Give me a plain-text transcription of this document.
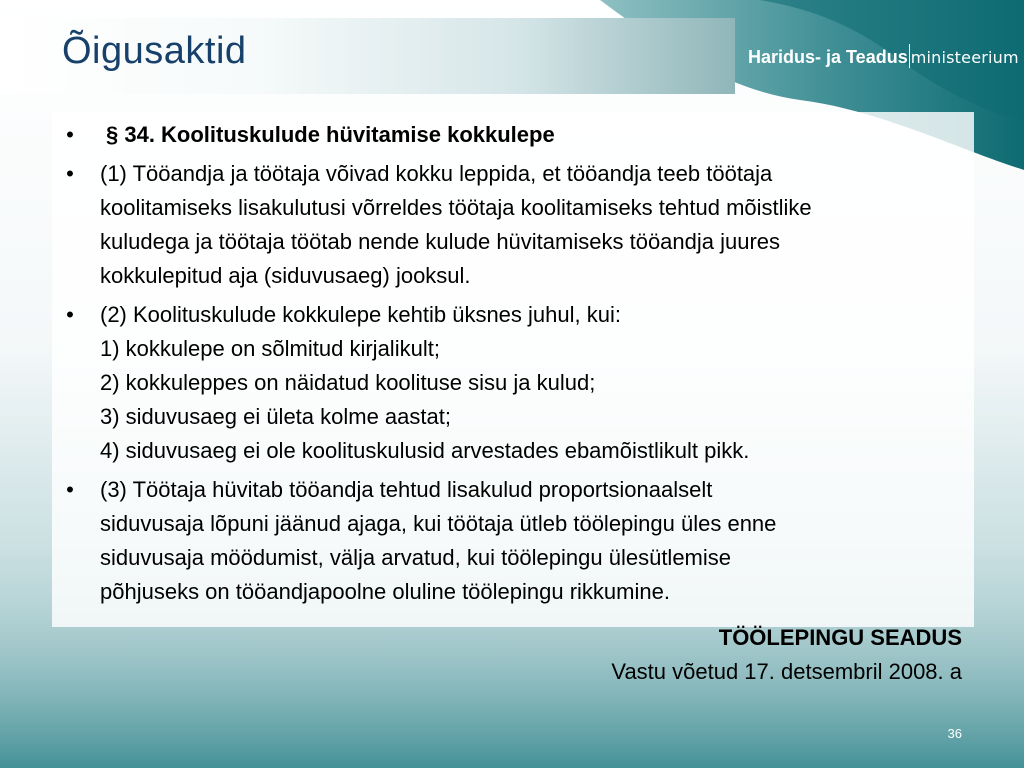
Õigusaktid	Haridus- ja Teadus ministeerium
• § 34. Koolituskulude hüvitamise kokkulepe
• (1) Tööandja ja töötaja võivad kokku leppida, et tööandja teeb töötaja
koolitamiseks lisakulutusi võrreldes töötaja koolitamiseks tehtud mõistlike
kuludega ja töötaja töötab nende kulude hüvitamiseks tööandja juures
kokkulepitud aja (siduvusaeg) jooksul.
• (2) Koolituskulude kokkulepe kehtib üksnes juhul, kui:
1) kokkulepe on sõlmitud kirjalikult;
2) kokkuleppes on näidatud koolituse sisu ja kulud;
3) siduvusaeg ei ületa kolme aastat;
4) siduvusaeg ei ole koolituskulusid arvestades ebamõistlikult pikk.
• (3) Töötaja hüvitab tööandja tehtud lisakulud proportsionaalselt
siduvusaja lõpuni jäänud ajaga, kui töötaja ütleb töölepingu üles enne
siduvusaja möödumist, välja arvatud, kui töölepingu ülesütlemise
põhjuseks on tööandjapoolne oluline töölepingu rikkumine.
TÖÖLEPINGU SEADUS
Vastu võetud 17. detsembril 2008. a
36
